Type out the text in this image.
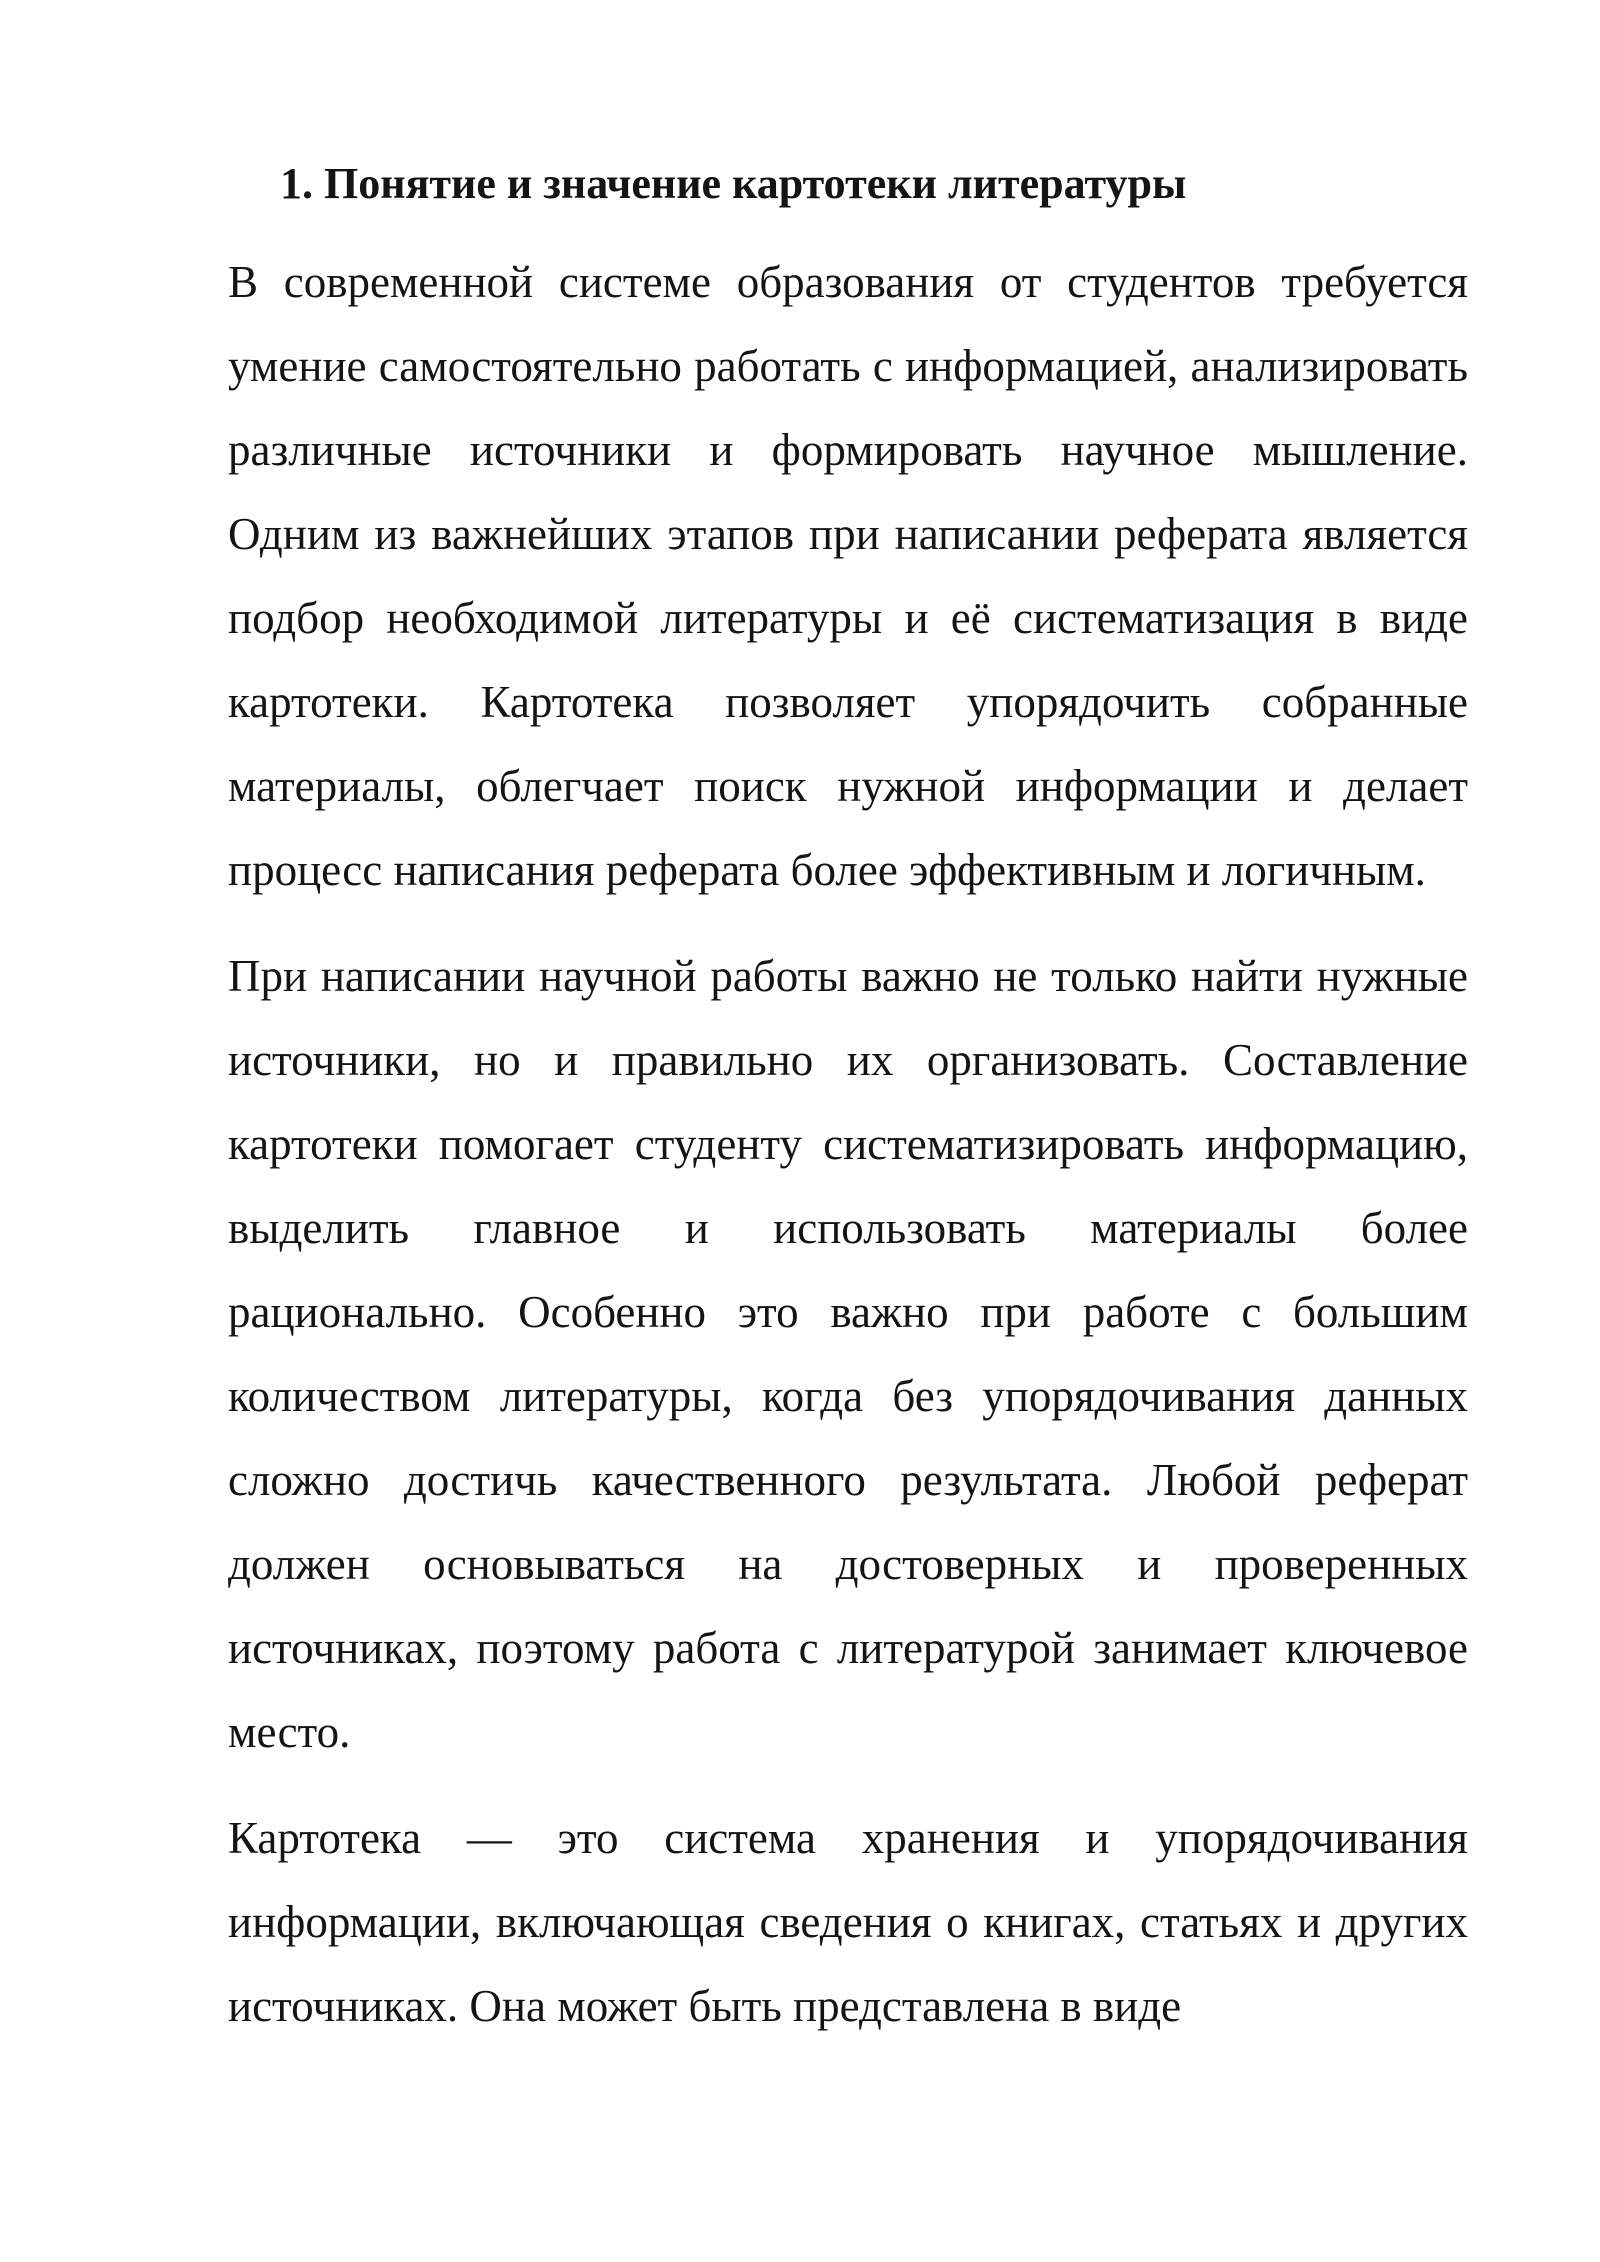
1. Понятие и значение картотеки литературы

В современной системе образования от студентов требуется умение самостоятельно работать с информацией, анализировать различные источники и формировать научное мышление. Одним из важнейших этапов при написании реферата является подбор необходимой литературы и её систематизация в виде картотеки. Картотека позволяет упорядочить собранные материалы, облегчает поиск нужной информации и делает процесс написания реферата более эффективным и логичным.

При написании научной работы важно не только найти нужные источники, но и правильно их организовать. Составление картотеки помогает студенту систематизировать информацию, выделить главное и использовать материалы более рационально. Особенно это важно при работе с большим количеством литературы, когда без упорядочивания данных сложно достичь качественного результата. Любой реферат должен основываться на достоверных и проверенных источниках, поэтому работа с литературой занимает ключевое место.

Картотека — это система хранения и упорядочивания информации, включающая сведения о книгах, статьях и других источниках. Она может быть представлена в виде
